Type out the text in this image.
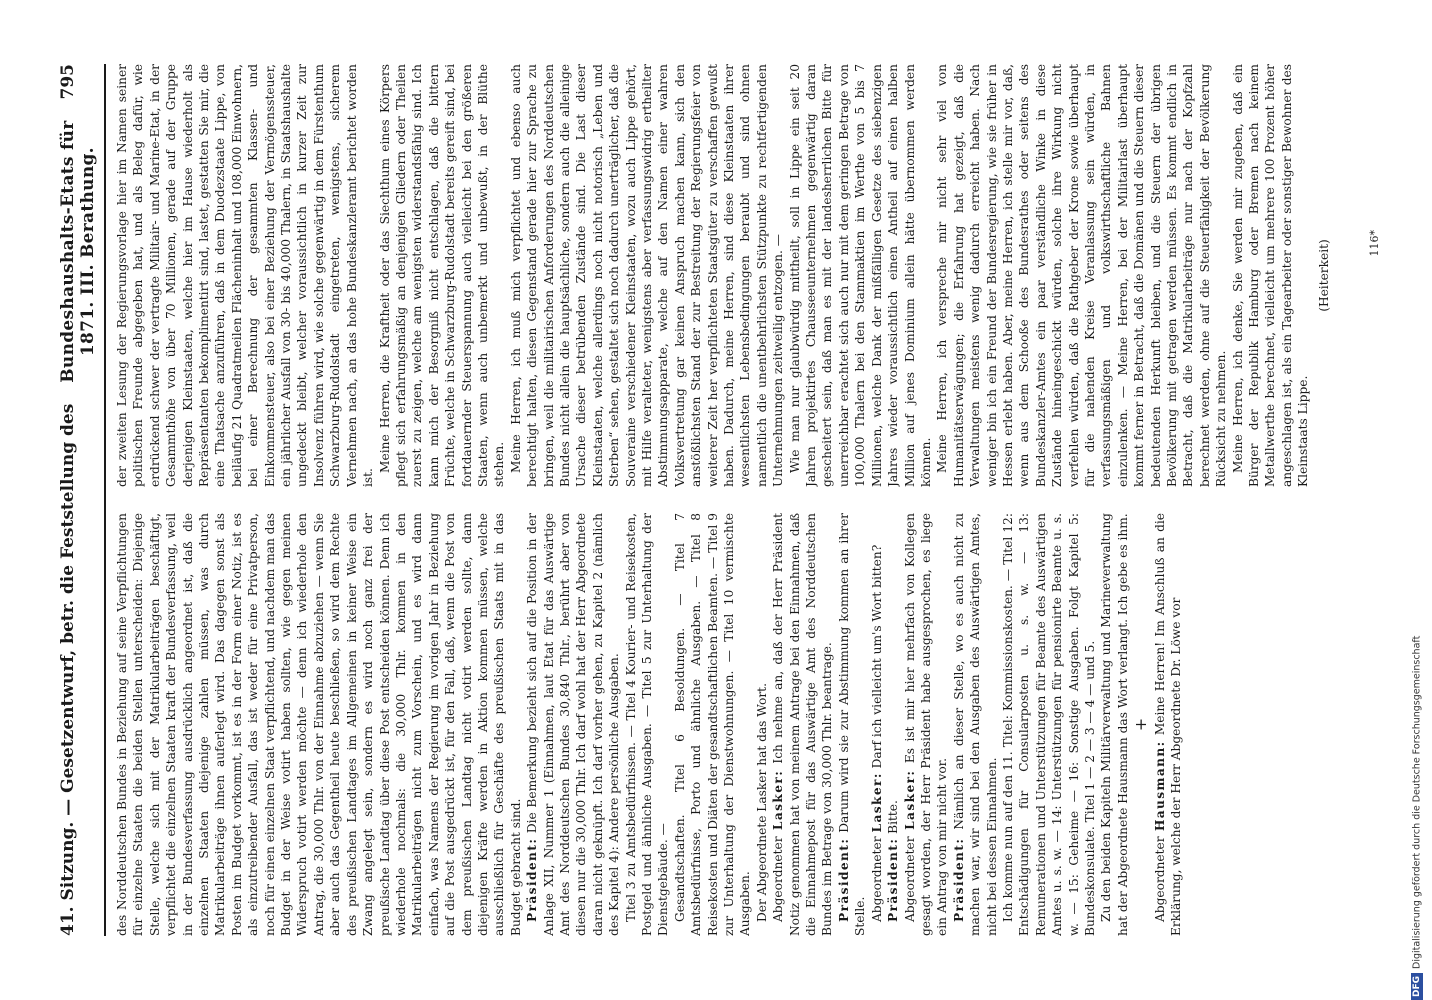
41. Sitzung. — Gesetzentwurf, betr. die Feststellung des
Bundeshaushalts-Etats für 1871. III. Berathung.
795

des Norddeutschen Bundes in Beziehung auf seine Verpflichtungen für einzelne Staaten die beiden Stellen unterscheiden: Diejenige Stelle, welche sich mit der Matrikularbeiträgen beschäftigt, verpflichtet die einzelnen Staaten kraft der Bundesverfassung, weil in der Bundesverfassung ausdrücklich angeordnet ist, daß die einzelnen Staaten diejenige zahlen müssen, was durch Matrikularbeiträge ihnen auferlegt wird. Das dagegen sonst als Posten im Budget vorkommt, ist es in der Form einer Notiz, ist es als einzutreibender Ausfall, das ist weder für eine Privatperson, noch für einen einzelnen Staat verpflichtend, und nachdem man das Budget in der Weise votirt haben sollten, wie gegen meinen Widerspruch votirt werden möchte — denn ich wiederhole den Antrag, die 30,000 Thlr. von der Einnahme abzuziehen — wenn Sie aber auch das Gegentheil heute beschließen, so wird dem Rechte des preußischen Landtages im Allgemeinen in keiner Weise ein Zwang angelegt sein, sondern es wird noch ganz frei der preußische Landtag über diese Post entscheiden können. Denn ich wiederhole nochmals: die 30,000 Thlr. kommen in den Matrikularbeiträgen nicht zum Vorschein, und es wird dann einfach, was Namens der Regierung im vorigen Jahr in Beziehung auf die Post ausgedrückt ist, für den Fall, daß, wenn die Post von dem preußischen Landtag nicht votirt werden sollte, dann diejenigen Kräfte werden in Aktion kommen müssen, welche ausschließlich für Geschäfte des preußischen Staats mit in das Budget gebracht sind. Präsident: Die Bemerkung bezieht sich auf die Position in der Anlage XII, Nummer 1 (Einnahmen, laut Etat für das Auswärtige Amt des Norddeutschen Bundes 30,840 Thlr., berührt aber von diesen nur die 30,000 Thlr. Ich darf wohl hat der Herr Abgeordnete daran nicht geknüpft. Ich darf vorher gehen, zu Kapitel 2 (nämlich des Kapitel 4): Andere persönliche Ausgaben. Titel 3 zu Amtsbedürfnissen. — Titel 4 Kourier- und Reisekosten, Postgeld und ähnliche Ausgaben. — Titel 5 zur Unterhaltung der Dienstgebäude. — Gesandtschaften. Titel 6 Besoldungen. — Titel 7 Amtsbedürfnisse, Porto und ähnliche Ausgaben. — Titel 8 Reisekosten und Diäten der gesandtschaftlichen Beamten. — Titel 9 zur Unterhaltung der Dienstwohnungen. — Titel 10 vermischte Ausgaben. Der Abgeordnete Lasker hat das Wort. Abgeordneter Lasker: Ich nehme an, daß der Herr Präsident Notiz genommen hat von meinem Antrage bei den Einnahmen, daß die Einnahmepost für das Auswärtige Amt des Norddeutschen Bundes im Betrage von 30,000 Thlr. beantrage. Präsident: Darum wird sie zur Abstimmung kommen an ihrer Stelle. Abgeordneter Lasker: Darf ich vielleicht um's Wort bitten?

Präsident: Bitte.

Abgeordneter Lasker: Es ist mir hier mehrfach von Kollegen gesagt worden, der Herr Präsident habe ausgesprochen, es liege ein Antrag von mir nicht vor. Präsident: Nämlich an dieser Stelle, wo es auch nicht zu machen war, wir sind bei den Ausgaben des Auswärtigen Amtes, nicht bei dessen Einnahmen. Ich komme nun auf den 11. Titel: Kommissionskosten. — Titel 12: Entschädigungen für Consularposten u. s. w. — 13: Remunerationen und Unterstützungen für Beamte des Auswärtigen Amtes u. s. w. — 14: Unterstützungen für pensionirte Beamte u. s. w. — 15: Geheime — 16: Sonstige Ausgaben. Folgt Kapitel 5: Bundeskonsulate. Titel 1 — 2 — 3 — 4 — und 5. Zu den beiden Kapiteln Militärverwaltung und Marineverwaltung hat der Abgeordnete Hausmann das Wort verlangt. Ich gebe es ihm. +

Abgeordneter Hausmann: Meine Herren! Im Anschluß an die Erklärung, welche der Herr Abgeordnete Dr. Löwe vor

der zweiten Lesung der Regierungsvorlage hier im Namen seiner politischen Freunde abgegeben hat, und als Beleg dafür, wie erdrückend schwer der vertragte Militair- und Marine-Etat, in der Gesammthöhe von über 70 Millionen, gerade auf der Gruppe derjenigen Kleinstaaten, welche hier im Hause wiederholt als Repräsentanten bekomplimentirt sind, lastet, gestatten Sie mir, die eine Thatsache anzuführen, daß in dem Duodezstaate Lippe, von beiläufig 21 Quadratmeilen Flächeninhalt und 108,000 Einwohnern, bei einer Berechnung der gesammten Klassen- und Einkommensteuer, also bei einer Beziehung der Vermögenssteuer, ein jährlicher Ausfall von 30- bis 40,000 Thalern, in Staatshaushalte ungedeckt bleibt, welcher voraussichtlich in kurzer Zeit zur Insolvenz führen wird, wie solche gegenwärtig in dem Fürstenthum Schwarzburg-Rudolstadt eingetreten, wenigstens, sicherem Vernehmen nach, an das hohe Bundeskanzleramt berichtet worden ist.

Meine Herren, die Kraftheit oder das Siechthum eines Körpers pflegt sich erfahrungsmäßig an denjenigen Gliedern oder Theilen zuerst zu zeigen, welche am wenigsten widerstandsfähig sind. Ich kann mich der Besorgniß nicht entschlagen, daß die bittern Früchte, welche in Schwarzburg-Rudolstadt bereits gereift sind, bei fortdauernder Steuerspannung auch vielleicht bei den größeren Staaten, wenn auch unbemerkt und unbewußt, in der Blüthe stehen. Meine Herren, ich muß mich verpflichtet und ebenso auch berechtigt halten, diesen Gegenstand gerade hier zur Sprache zu bringen, weil die militairischen Anforderungen des Norddeutschen Bundes nicht allein die hauptsächliche, sondern auch die alleinige Ursache dieser betrübenden Zustände sind. Die Last dieser Kleinstaaten, welche allerdings noch nicht notorisch „Leben und Sterben“ sehen, gestaltet sich noch dadurch unerträglicher, daß die Souveraine verschiedener Kleinstaaten, wozu auch Lippe gehört, mit Hilfe veralteter, wenigstens aber verfassungswidrig ertheilter Abstimmungsapparate, welche auf den Namen einer wahren Volksvertretung gar keinen Anspruch machen kann, sich den anstößlichsten Stand der zur Bestreitung der Regierungsfeier von weiterer Zeit her verpflichteten Staatsgüter zu verschaffen gewußt haben. Dadurch, meine Herren, sind diese Kleinstaaten ihrer wesentlichsten Lebensbedingungen beraubt und sind ohnen namentlich die unentbehrlichsten Stützpunkte zu rechtfertigenden Unternehmungen zeitweilig entzogen. — Wie man nur glaubwürdig mittheilt, soll in Lippe ein seit 20 Jahren projektirtes Chausseeunternehmen gegenwärtig daran gescheitert sein, daß man es mit der landesherrlichen Bitte für unerreichbar erachtet sich auch nur mit dem geringen Betrage von 100,000 Thalern bei den Stammaktien im Werthe von 5 bis 7 Millionen, welche Dank der mißfälligen Gesetze des siebenzigen Jahres wieder voraussichtlich einen Antheil auf einen halben Million auf jenes Dominium allein hätte übernommen werden können. Meine Herren, ich verspreche mir nicht sehr viel von Humanitätserwägungen; die Erfahrung hat gezeigt, daß die Verwaltungen meistens wenig dadurch erreicht haben. Nach weniger bin ich ein Freund der Bundesregierung, wie sie früher in Hessen erlebt haben. Aber, meine Herren, ich stelle mir vor, daß, wenn aus dem Schooße des Bundesrathes oder seitens des Bundeskanzler-Amtes ein paar verständliche Winke in diese Zustände hineingeschickt würden, solche ihre Wirkung nicht verfehlen würden, daß die Rathgeber der Krone sowie überhaupt für die nahenden Kreise Veranlassung sein würden, in verfassungsmäßigen und volkswirthschaftliche Bahnen einzulenken. — Meine Herren, bei der Militairlast überhaupt kommt ferner in Betracht, daß die Domänen und die Steuern dieser bedeutenden Herkunft bleiben, und die Steuern der übrigen Bevölkerung mit getragen werden müssen. Es kommt endlich in Betracht, daß die Matrikularbeiträge nur nach der Kopfzahl berechnet werden, ohne auf die Steuerfähigkeit der Bevölkerung Rücksicht zu nehmen. Meine Herren, ich denke, Sie werden mir zugeben, daß ein Bürger der Republik Hamburg oder Bremen nach keinem Metallwerthe berechnet, vielleicht um mehrere 100 Prozent höher angeschlagen ist, als ein Tagearbeiter oder sonstiger Bewohner des Kleinstaats Lippe.

(Heiterkeit)	116*
DFG
Digitalisierung gefördert durch die Deutsche Forschungsgemeinschaft
